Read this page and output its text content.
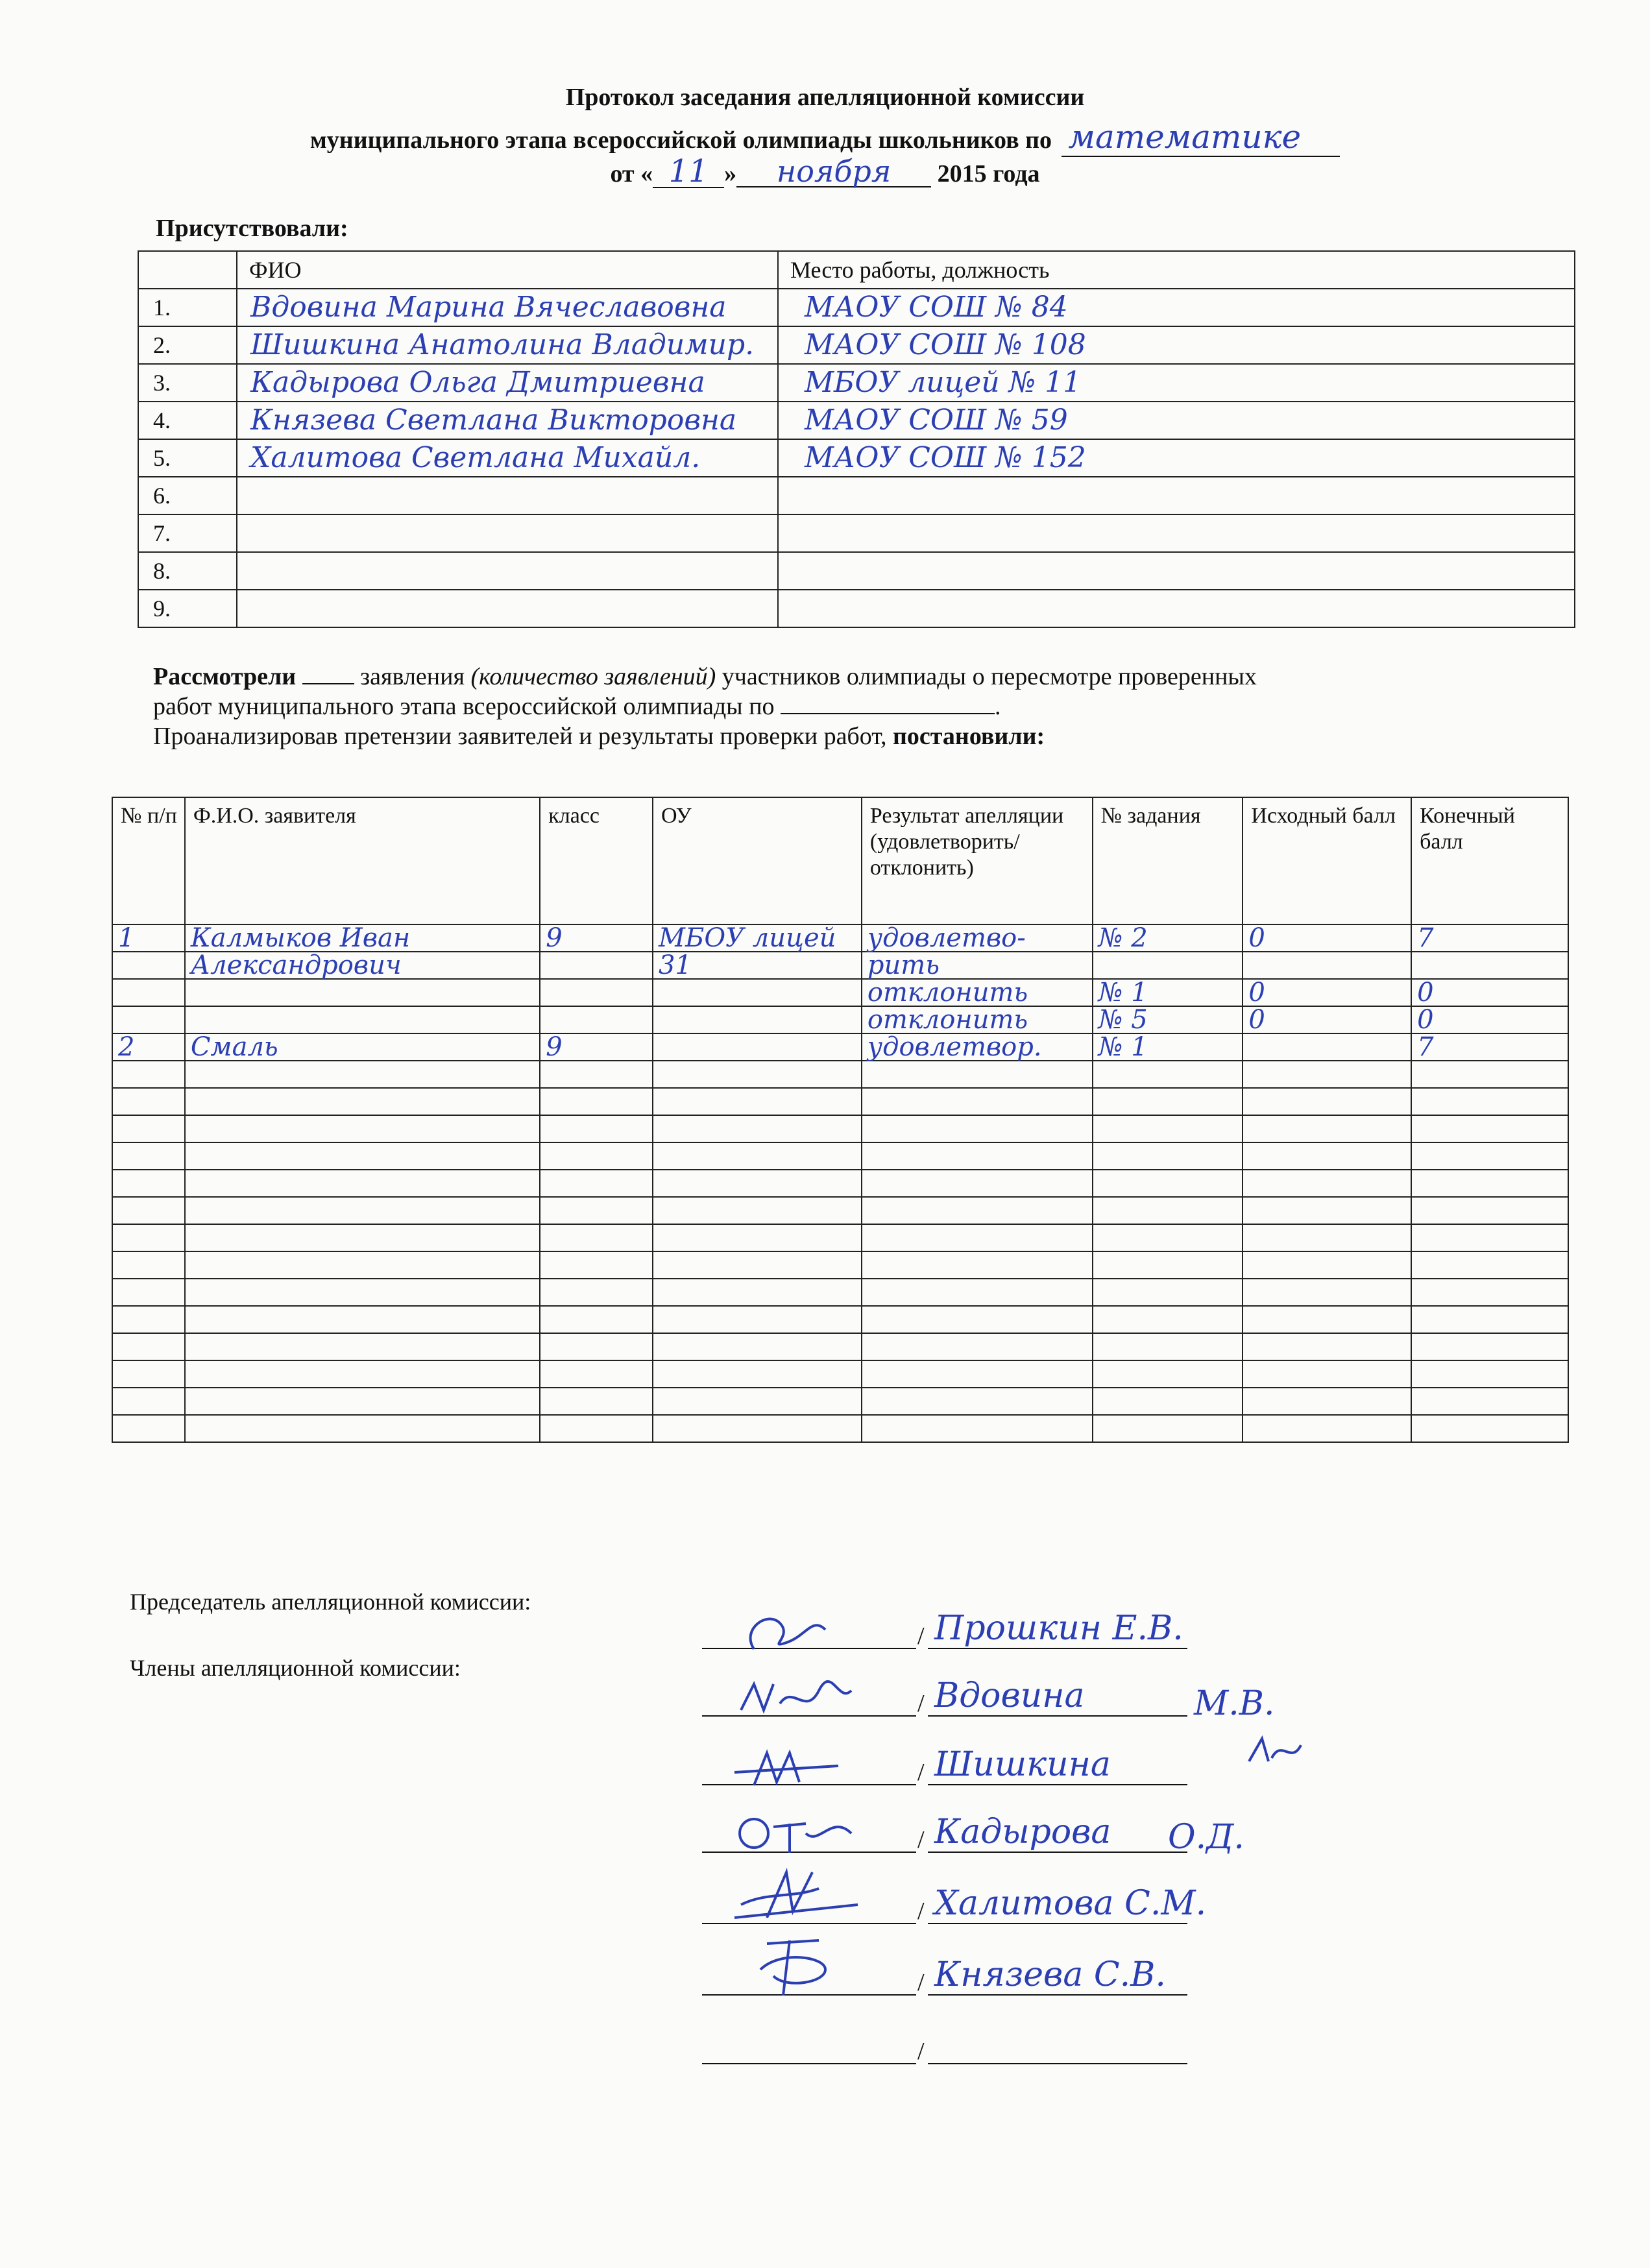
Протокол заседания апелляционной комиссии
муниципального этапа всероссийской олимпиады школьников по математике
от « 11 » ноября 2015 года
Присутствовали:
	ФИО	Место работы, должность
1.	Вдовина Марина Вячеславовна	МАОУ СОШ № 84
2.	Шишкина Анатолина Владимир.	МАОУ СОШ № 108
3.	Кадырова Ольга Дмитриевна	МБОУ лицей № 11
4.	Князева Светлана Викторовна	МАОУ СОШ № 59
5.	Халитова Светлана Михайл.	МАОУ СОШ № 152
6.		
7.		
8.		
9.		
Рассмотрели  заявления (количество заявлений) участников олимпиады о пересмотре проверенных
работ муниципального этапа всероссийской олимпиады по	.
Проанализировав претензии заявителей и результаты проверки работ, постановили:
№ п/п	Ф.И.О. заявителя	класс	ОУ	Результат апелляции (удовлетворить/ отклонить)	№ задания	Исходный балл	Конечный балл

1	Калмыков Иван	9	МБОУ лицей	удовлетво-	№ 2	0	7

	Александрович		31	рить			

				отклонить	№ 1	0	0

				отклонить	№ 5	0	0

2	Смаль	9		удовлетвор.	№ 1		7

Председатель апелляционной комиссии:
Члены апелляционной комиссии:
/ Прошкин Е.В.
/ Вдовина	М.В.
/ Шишкина
/ Кадырова О.Д.
/ Халитова С.М.
/ Князева С.В.
/
